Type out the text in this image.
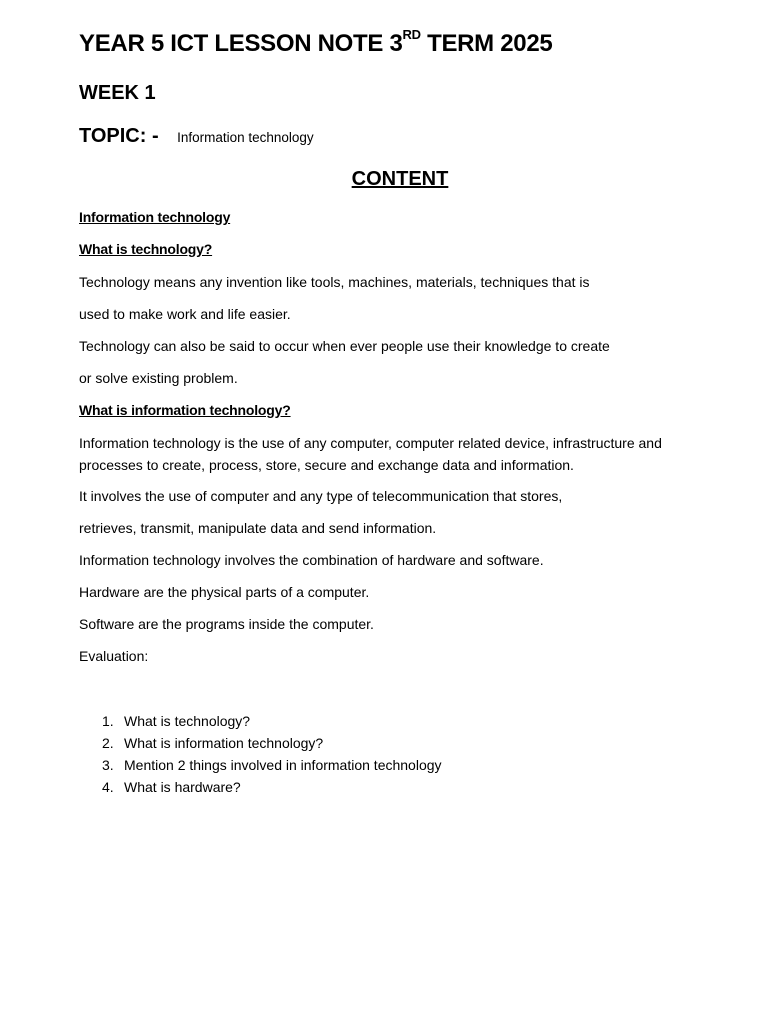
YEAR 5 ICT LESSON NOTE 3RD TERM 2025
WEEK 1
TOPIC: - Information technology
CONTENT
Information technology
What is technology?
Technology means any invention like tools, machines, materials, techniques that is
used to make work and life easier.
Technology can also be said to occur when ever people use their knowledge to create
or solve existing problem.
What is information technology?
Information technology is the use of any computer, computer related device, infrastructure and processes to create, process, store, secure and exchange data and information.
It involves the use of computer and any type of telecommunication that stores,
retrieves, transmit, manipulate data and send information.
Information technology involves the combination of hardware and software.
Hardware are the physical parts of a computer.
Software are the programs inside the computer.
Evaluation:
1. What is technology?
2. What is information technology?
3. Mention 2 things involved in information technology
4. What is hardware?
